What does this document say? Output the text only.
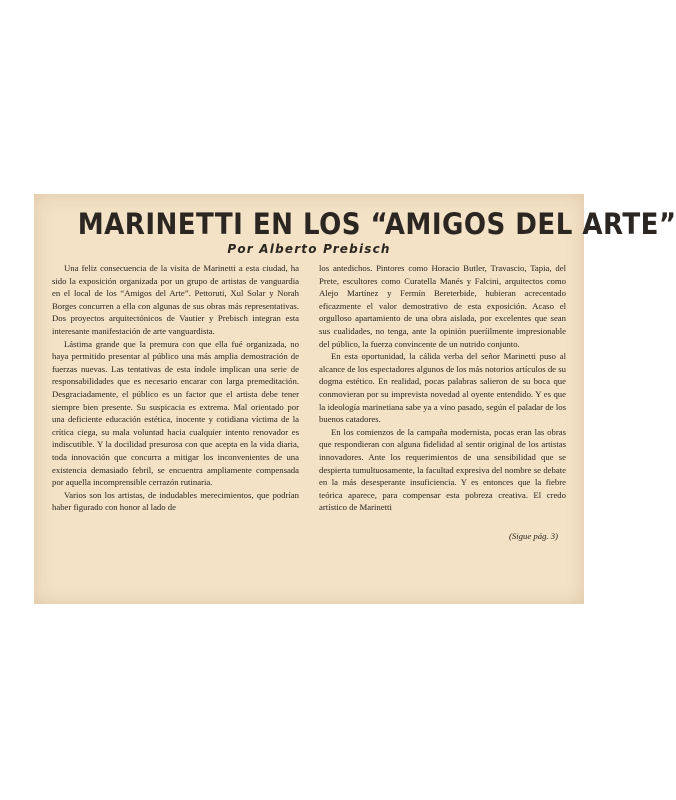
MARINETTI EN LOS “AMIGOS DEL ARTE”
Por Alberto Prebisch

Una feliz consecuencia de la visita de Marinetti a esta ciudad, ha sido la exposición organizada por un grupo de artistas de vanguardia en el local de los “Amigos del Arte”. Pettoruti, Xul Solar y Norah Borges concurren a ella con algunas de sus obras más representativas. Dos proyectos arquitectónicos de Vautier y Prebisch integran esta interesante manifestación de arte vanguardista.

Lástima grande que la premura con que ella fué organizada, no haya permitido presentar al público una más amplia demostración de fuerzas nuevas. Las tentativas de esta índole implican una serie de responsabilidades que es necesario encarar con larga premeditación. Desgraciadamente, el público es un factor que el artista debe tener siempre bien presente. Su suspicacia es extrema. Mal orientado por una deficiente educación estética, inocente y cotidiana víctima de la crítica ciega, su mala voluntad hacia cualquier intento renovador es indiscutible. Y la docilidad presurosa con que acepta en la vida diaria, toda innovación que concurra a mitigar los inconvenientes de una existencia demasiado febril, se encuentra ampliamente compensada por aquella incomprensible cerrazón rutinaria.

Varios son los artistas, de indudables merecimientos, que podrían haber figurado con honor al lado de

los antedichos. Pintores como Horacio Butler, Travascio, Tapia, del Prete, escultores como Curatella Manés y Falcini, arquitectos como Alejo Martínez y Fermín Bereterbide, hubieran acrecentado eficazmente el valor demostrativo de esta exposición. Acaso el orgulloso apartamiento de una obra aislada, por excelentes que sean sus cualidades, no tenga, ante la opinión pueríilmente impresionable del público, la fuerza convincente de un nutrido conjunto.

En esta oportunidad, la cálida verba del señor Marinetti puso al alcance de los espectadores algunos de los más notorios artículos de su dogma estético. En realidad, pocas palabras salieron de su boca que conmovieran por su imprevista novedad al oyente entendido. Y es que la ideología marinetiana sabe ya a vino pasado, según el paladar de los buenos catadores.

En los comienzos de la campaña modernista, pocas eran las obras que respondieran con alguna fidelidad al sentir original de los artistas innovadores. Ante los requerimientos de una sensibilidad que se despierta tumultuosamente, la facultad expresiva del nombre se debate en la más desesperante insuficiencia. Y es entonces que la fiebre teórica aparece, para compensar esta pobreza creativa. El credo artístico de Marinetti

(Sigue pág. 3)
